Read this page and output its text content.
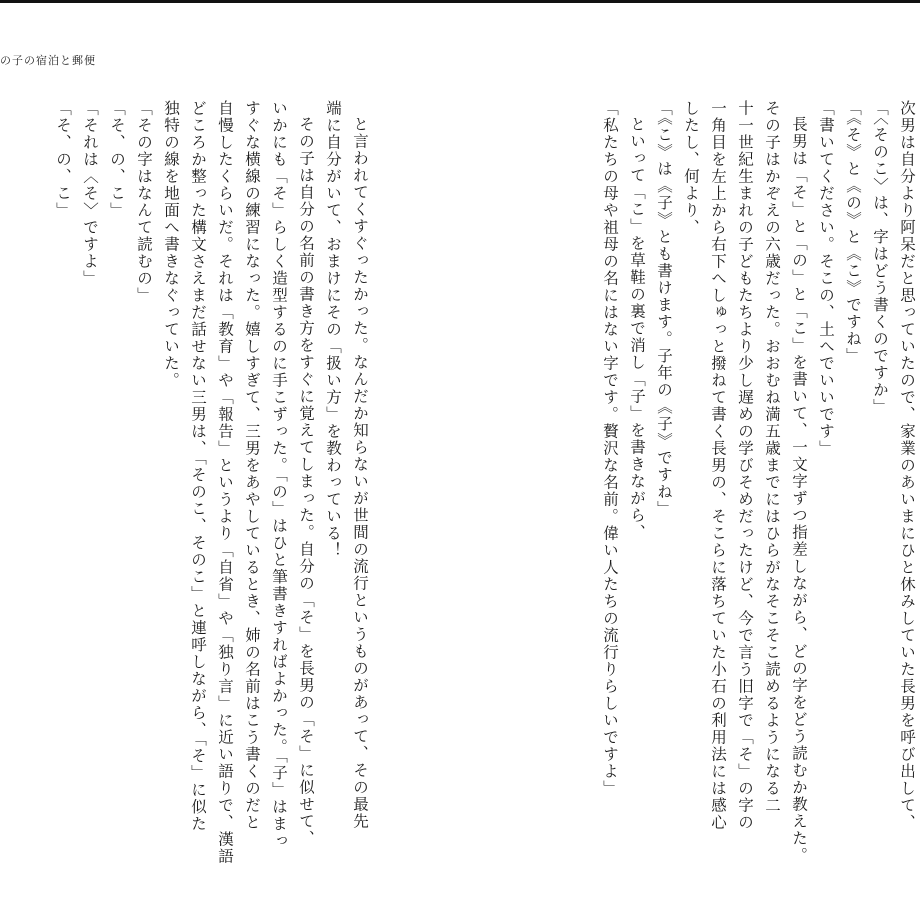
の子の宿泊と郵便

次男は自分より阿呆だと思っていたので、家業のあいまにひと休みしていた長男を呼び出して、

「〈そのこ〉は、字はどう書くのですか」

「《そ》と《の》と《こ》ですね」

「書いてください。そこの、土へでいいです」

長男は「そ」と「の」と「こ」を書いて、一文字ずつ指差しながら、どの字をどう読むか教えた。

その子はかぞえの六歳だった。おおむね満五歳までにはひらがなそこそこ読めるようになる二

十一世紀生まれの子どもたちより少し遅めの学びそめだったけど、今で言う旧字で「そ」の字の

一角目を左上から右下へしゅっと撥ねて書く長男の、そこらに落ちていた小石の利用法には感心

したし、何より、

「《こ》は《子》とも書けます。子年の《子》ですね」

といって「こ」を草鞋の裏で消し「子」を書きながら、

「私たちの母や祖母の名にはない字です。贅沢な名前。偉い人たちの流行りらしいですよ」

と言われてくすぐったかった。なんだか知らないが世間の流行というものがあって、その最先

端に自分がいて、おまけにその「扱い方」を教わっている！

その子は自分の名前の書き方をすぐに覚えてしまった。自分の「そ」を長男の「そ」に似せて、

いかにも「そ」らしく造型するのに手こずった。「の」はひと筆書きすればよかった。「子」はまっ

すぐな横線の練習になった。嬉しすぎて、三男をあやしているとき、姉の名前はこう書くのだと

自慢したくらいだ。それは「教育」や「報告」というより「自省」や「独り言」に近い語りで、漢語

どころか整った構文さえまだ話せない三男は、「そのこ、そのこ」と連呼しながら、「そ」に似た

独特の線を地面へ書きなぐっていた。

「その字はなんて読むの」

「そ、の、こ」

「それは〈そ〉ですよ」

「そ、の、こ」
